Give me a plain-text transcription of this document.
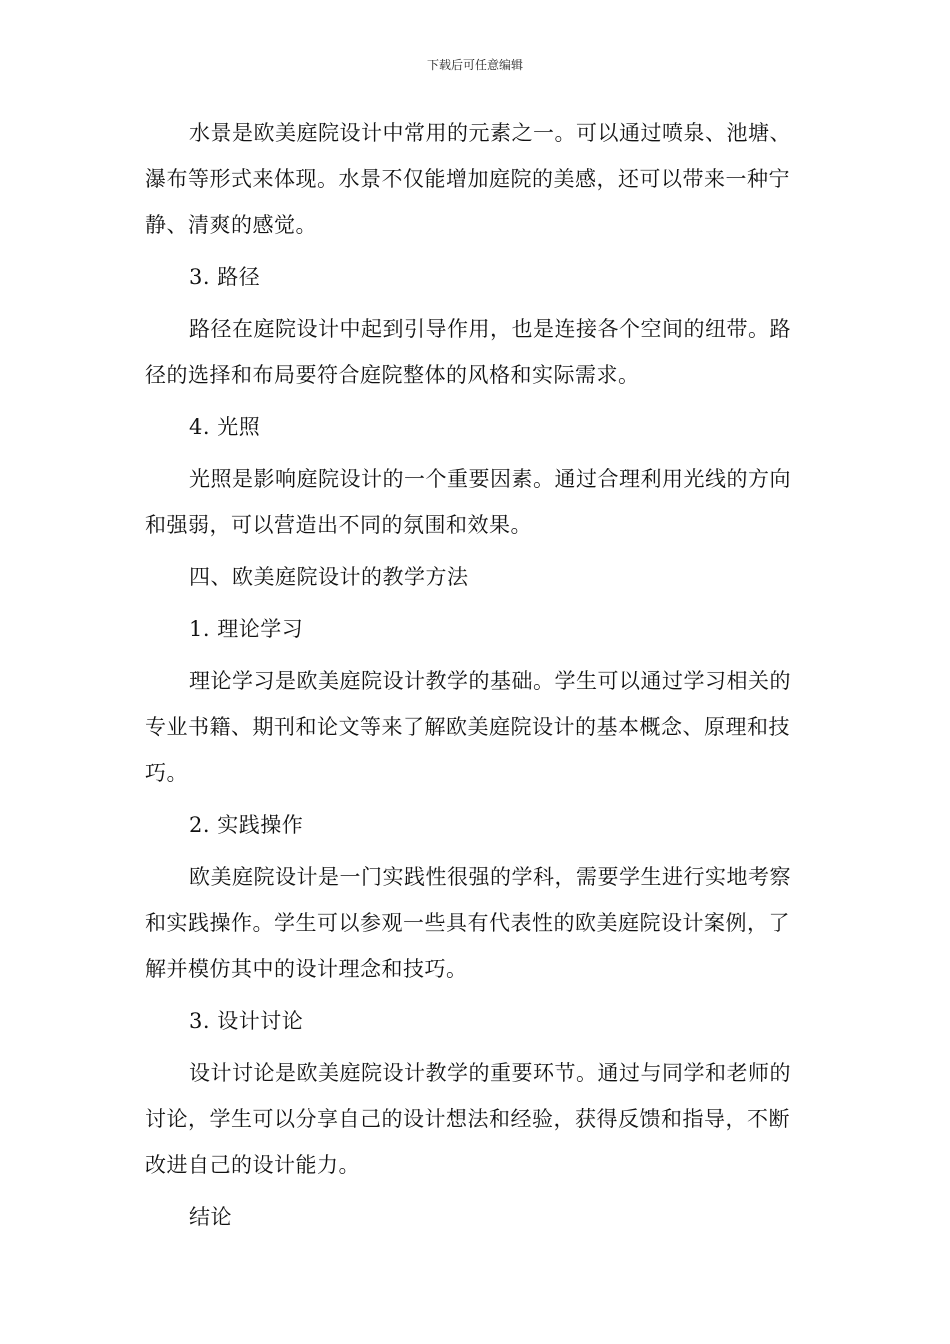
下载后可任意编辑

水景是欧美庭院设计中常用的元素之一。可以通过喷泉、池塘、瀑布等形式来体现。水景不仅能增加庭院的美感，还可以带来一种宁静、清爽的感觉。

3. 路径

路径在庭院设计中起到引导作用，也是连接各个空间的纽带。路径的选择和布局要符合庭院整体的风格和实际需求。

4. 光照

光照是影响庭院设计的一个重要因素。通过合理利用光线的方向和强弱，可以营造出不同的氛围和效果。

四、欧美庭院设计的教学方法

1. 理论学习

理论学习是欧美庭院设计教学的基础。学生可以通过学习相关的专业书籍、期刊和论文等来了解欧美庭院设计的基本概念、原理和技巧。

2. 实践操作

欧美庭院设计是一门实践性很强的学科，需要学生进行实地考察和实践操作。学生可以参观一些具有代表性的欧美庭院设计案例，了解并模仿其中的设计理念和技巧。

3. 设计讨论

设计讨论是欧美庭院设计教学的重要环节。通过与同学和老师的讨论，学生可以分享自己的设计想法和经验，获得反馈和指导，不断改进自己的设计能力。

结论
